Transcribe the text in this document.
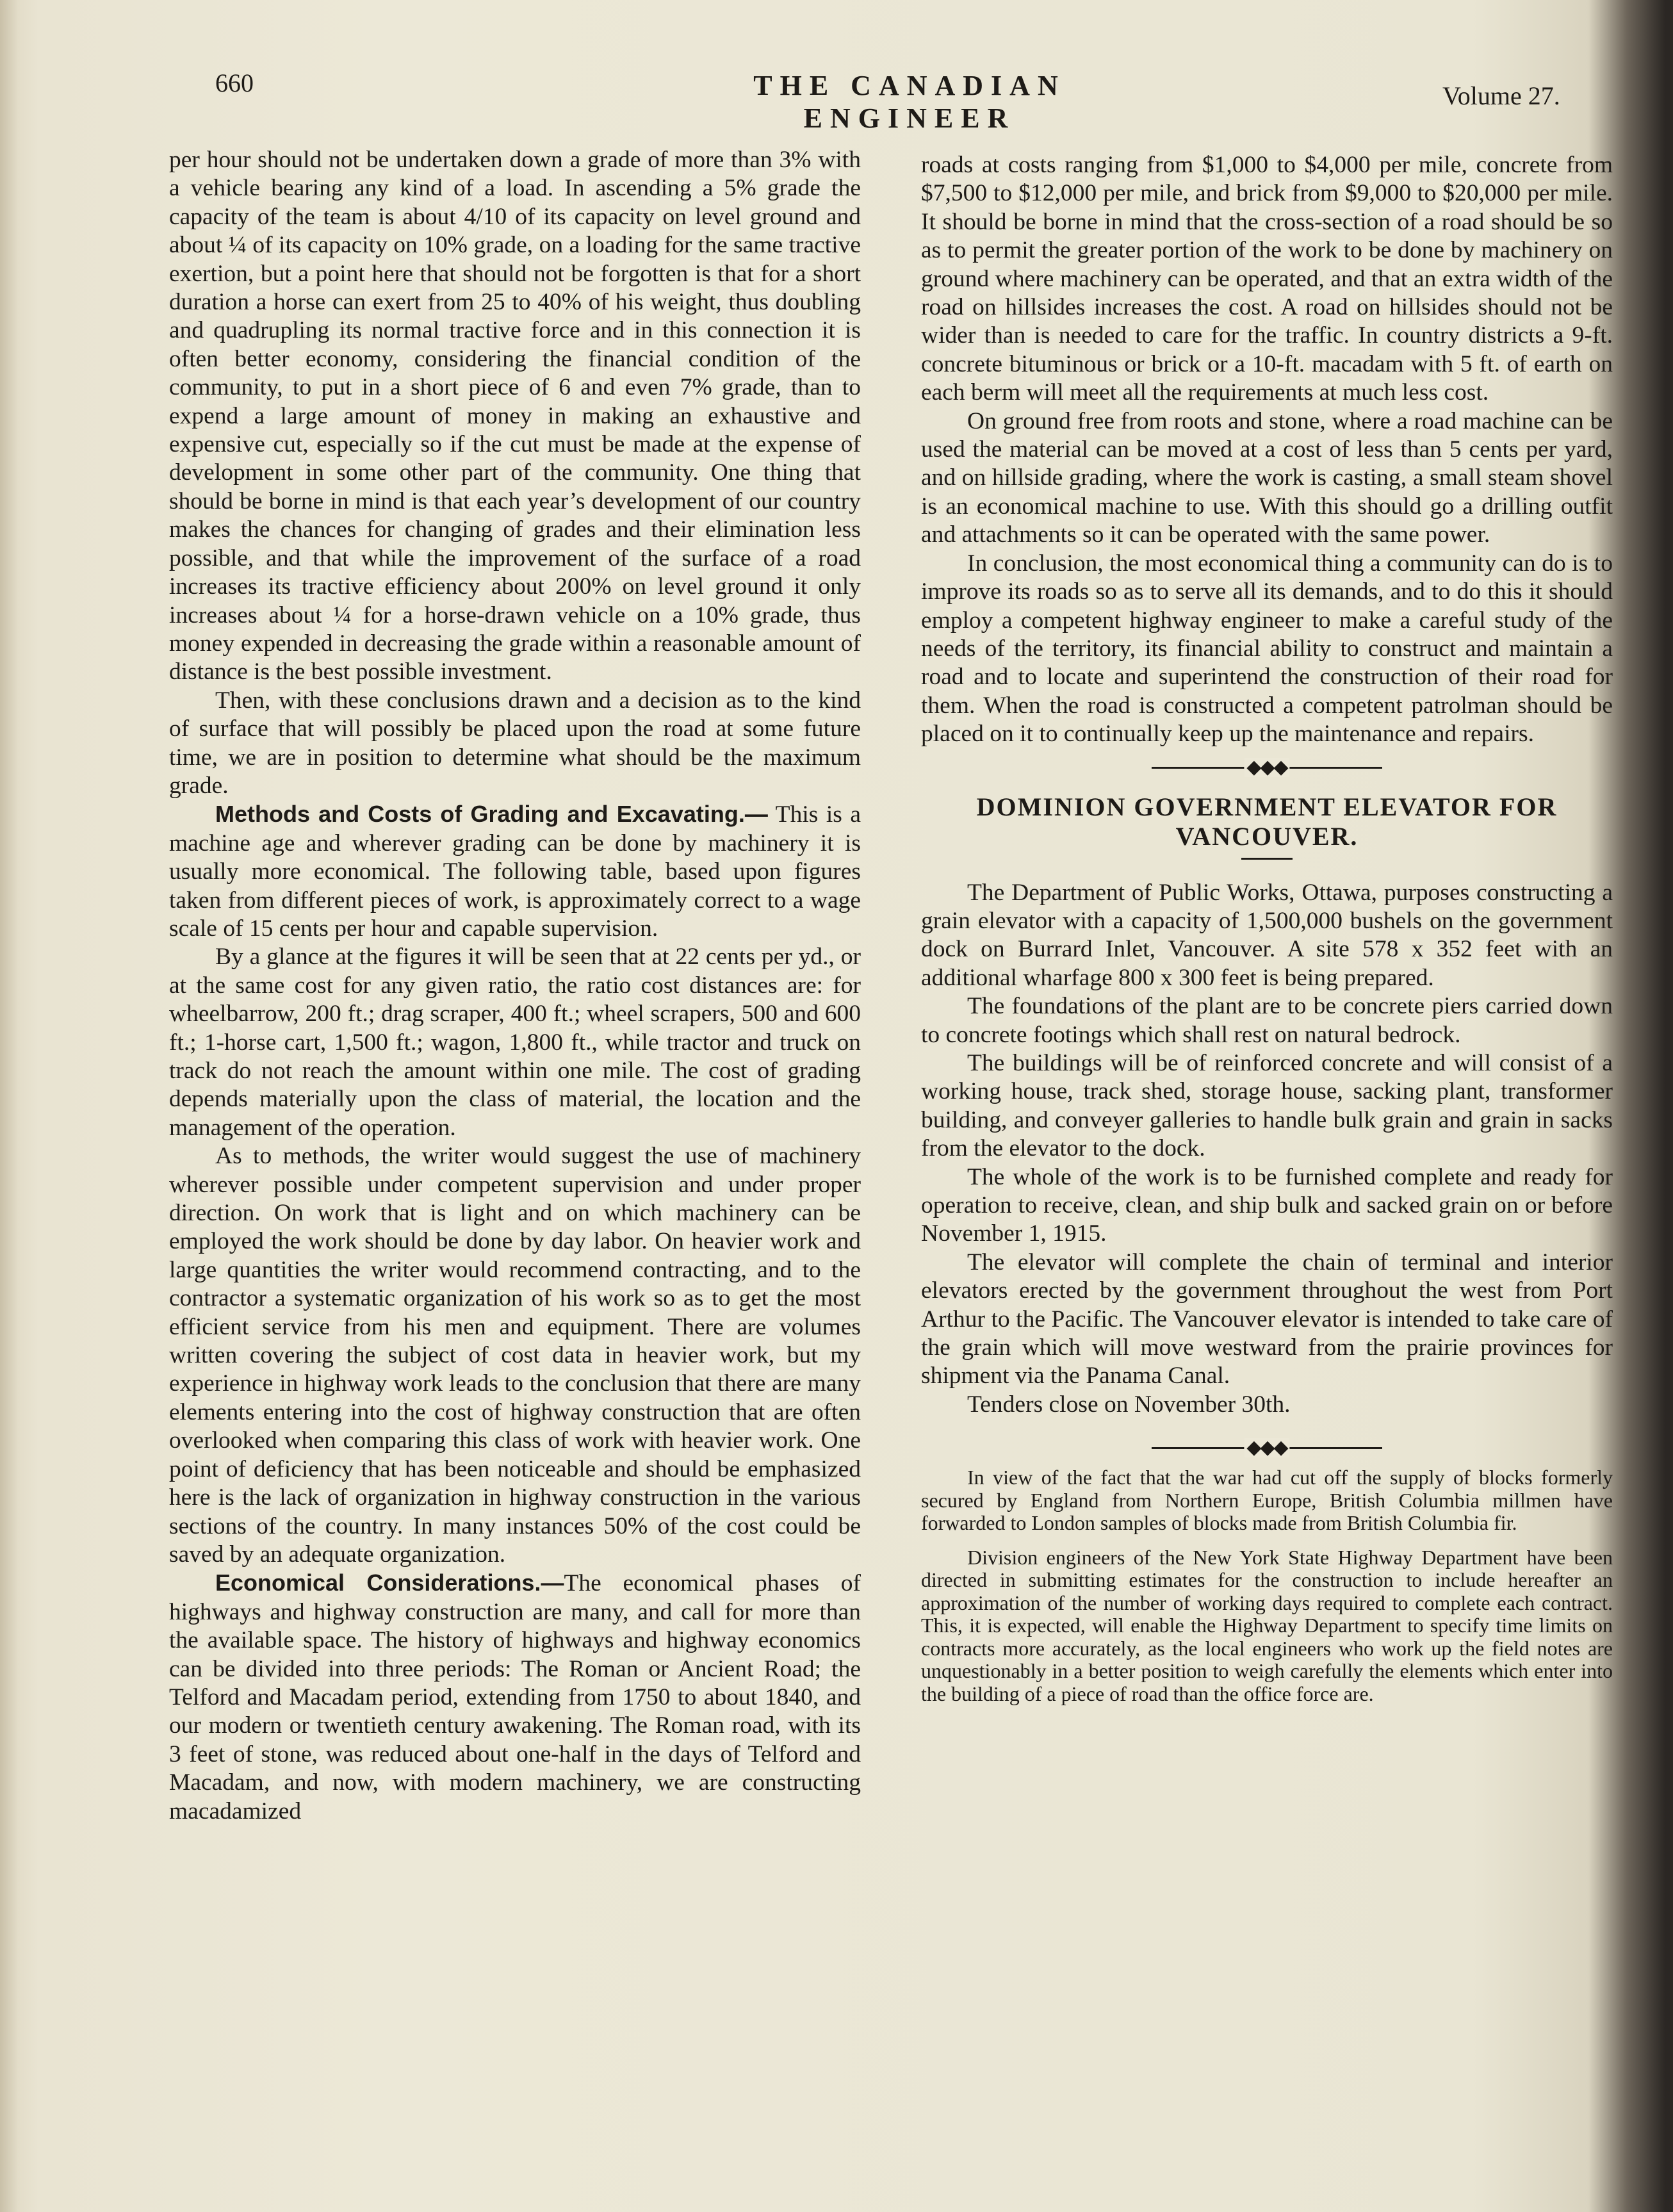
660	THE CANADIAN ENGINEER
Volume 27.

per hour should not be undertaken down a grade of more than 3% with a vehicle bearing any kind of a load. In ascending a 5% grade the capacity of the team is about 4/10 of its capacity on level ground and about ¼ of its capacity on 10% grade, on a loading for the same tractive exertion, but a point here that should not be forgotten is that for a short duration a horse can exert from 25 to 40% of his weight, thus doubling and quadrupling its normal tractive force and in this connection it is often better economy, considering the financial condition of the community, to put in a short piece of 6 and even 7% grade, than to expend a large amount of money in making an exhaustive and expensive cut, especially so if the cut must be made at the expense of development in some other part of the community. One thing that should be borne in mind is that each year’s development of our country makes the chances for changing of grades and their elimination less possible, and that while the improvement of the surface of a road increases its tractive efficiency about 200% on level ground it only increases about ¼ for a horse-drawn vehicle on a 10% grade, thus money expended in decreasing the grade within a reasonable amount of distance is the best possible investment.

Then, with these conclusions drawn and a decision as to the kind of surface that will possibly be placed upon the road at some future time, we are in position to determine what should be the maximum grade.

Methods and Costs of Grading and Excavating.— This is a machine age and wherever grading can be done by machinery it is usually more economical. The following table, based upon figures taken from different pieces of work, is approximately correct to a wage scale of 15 cents per hour and capable supervision.

By a glance at the figures it will be seen that at 22 cents per yd., or at the same cost for any given ratio, the ratio cost distances are: for wheelbarrow, 200 ft.; drag scraper, 400 ft.; wheel scrapers, 500 and 600 ft.; 1-horse cart, 1,500 ft.; wagon, 1,800 ft., while tractor and truck on track do not reach the amount within one mile. The cost of grading depends materially upon the class of material, the location and the management of the operation.

As to methods, the writer would suggest the use of machinery wherever possible under competent supervision and under proper direction. On work that is light and on which machinery can be employed the work should be done by day labor. On heavier work and large quantities the writer would recommend contracting, and to the contractor a systematic organization of his work so as to get the most efficient service from his men and equipment. There are volumes written covering the subject of cost data in heavier work, but my experience in highway work leads to the conclusion that there are many elements entering into the cost of highway construction that are often overlooked when comparing this class of work with heavier work. One point of deficiency that has been noticeable and should be emphasized here is the lack of organization in highway construction in the various sections of the country. In many instances 50% of the cost could be saved by an adequate organization.

Economical Considerations.—The economical phases of highways and highway construction are many, and call for more than the available space. The history of highways and highway economics can be divided into three periods: The Roman or Ancient Road; the Telford and Macadam period, extending from 1750 to about 1840, and our modern or twentieth century awakening. The Roman road, with its 3 feet of stone, was reduced about one-half in the days of Telford and Macadam, and now, with modern machinery, we are constructing macadamized

roads at costs ranging from $1,000 to $4,000 per mile, concrete from $7,500 to $12,000 per mile, and brick from $9,000 to $20,000 per mile. It should be borne in mind that the cross-section of a road should be so as to permit the greater portion of the work to be done by machinery on ground where machinery can be operated, and that an extra width of the road on hillsides increases the cost. A road on hillsides should not be wider than is needed to care for the traffic. In country districts a 9-ft. concrete bituminous or brick or a 10-ft. macadam with 5 ft. of earth on each berm will meet all the requirements at much less cost.

On ground free from roots and stone, where a road machine can be used the material can be moved at a cost of less than 5 cents per yard, and on hillside grading, where the work is casting, a small steam shovel is an economical machine to use. With this should go a drilling outfit and attachments so it can be operated with the same power.

In conclusion, the most economical thing a community can do is to improve its roads so as to serve all its demands, and to do this it should employ a competent highway engineer to make a careful study of the needs of the territory, its financial ability to construct and maintain a road and to locate and superintend the construction of their road for them. When the road is constructed a competent patrolman should be placed on it to continually keep up the maintenance and repairs.

◆◆◆
DOMINION GOVERNMENT ELEVATOR FOR VANCOUVER.

The Department of Public Works, Ottawa, purposes constructing a grain elevator with a capacity of 1,500,000 bushels on the government dock on Burrard Inlet, Vancouver. A site 578 x 352 feet with an additional wharfage 800 x 300 feet is being prepared.

The foundations of the plant are to be concrete piers carried down to concrete footings which shall rest on natural bedrock.

The buildings will be of reinforced concrete and will consist of a working house, track shed, storage house, sacking plant, transformer building, and conveyer galleries to handle bulk grain and grain in sacks from the elevator to the dock.

The whole of the work is to be furnished complete and ready for operation to receive, clean, and ship bulk and sacked grain on or before November 1, 1915.

The elevator will complete the chain of terminal and interior elevators erected by the government throughout the west from Port Arthur to the Pacific. The Vancouver elevator is intended to take care of the grain which will move westward from the prairie provinces for shipment via the Panama Canal.

Tenders close on November 30th.

◆◆◆

In view of the fact that the war had cut off the supply of blocks formerly secured by England from Northern Europe, British Columbia millmen have forwarded to London samples of blocks made from British Columbia fir.

Division engineers of the New York State Highway Department have been directed in submitting estimates for the construction to include hereafter an approximation of the number of working days required to complete each contract. This, it is expected, will enable the Highway Department to specify time limits on contracts more accurately, as the local engineers who work up the field notes are unquestionably in a better position to weigh carefully the elements which enter into the building of a piece of road than the office force are.
